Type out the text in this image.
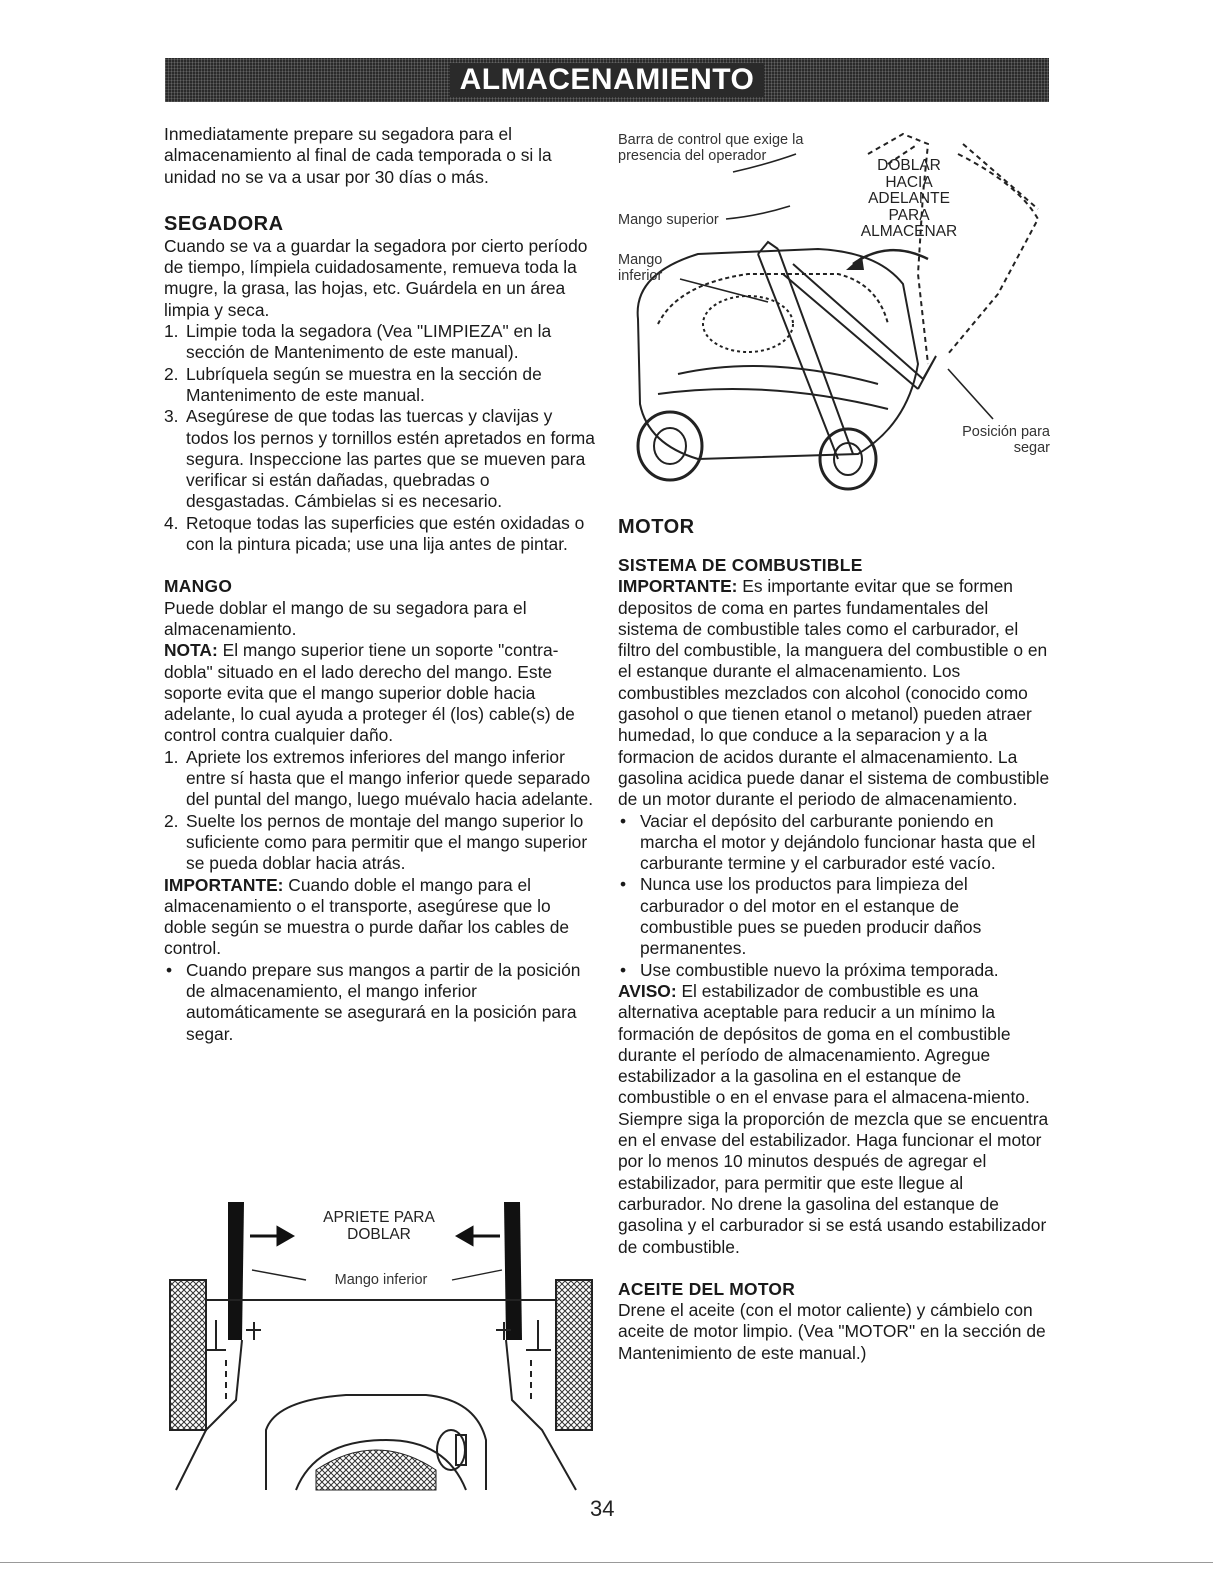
ALMACENAMIENTO

Inmediatamente prepare su segadora para el almacenamiento al final de cada temporada o si la unidad no se va a usar por 30 días o más.

SEGADORA

Cuando se va a guardar la segadora por cierto período de tiempo, límpiela cuidadosamente, remueva toda la mugre, la grasa, las hojas, etc. Guárdela en un área limpia y seca.

1. Limpie toda la segadora (Vea "LIMPIEZA" en la sección de Mantenimento de este manual).
2. Lubríquela según se muestra en la sección de Mantenimento de este manual.
3. Asegúrese de que todas las tuercas y clavijas y todos los pernos y tornillos estén apretados en forma segura. Inspeccione las partes que se mueven para verificar si están dañadas, quebradas o desgastadas. Cámbielas si es necesario.
4. Retoque todas las superficies que estén oxidadas o con la pintura picada; use una lija antes de pintar.

MANGO

Puede doblar el mango de su segadora para el almacenamiento.

NOTA: El mango superior tiene un soporte "contra-dobla" situado en el lado derecho del mango. Este soporte evita que el mango superior doble hacia adelante, lo cual ayuda a proteger él (los) cable(s) de control contra cualquier daño.

1. Apriete los extremos inferiores del mango inferior entre sí hasta que el mango inferior quede separado del puntal del mango, luego muévalo hacia adelante.
2. Suelte los pernos de montaje del mango superior lo suficiente como para permitir que el mango superior se pueda doblar hacia atrás.

IMPORTANTE: Cuando doble el mango para el almacenamiento o el transporte, asegúrese que lo doble según se muestra o purde dañar los cables de control.

• Cuando prepare sus mangos a partir de la posición de almacenamiento, el mango inferior automáticamente se asegurará en la posición para segar.
Barra de control que exige la presencia del operador
Mango superior
Mango inferior
DOBLAR HACIA ADELANTE PARA ALMACENAR
Posición para segar

MOTOR

SISTEMA DE COMBUSTIBLE

IMPORTANTE: Es importante evitar que se formen depositos de coma en partes fundamentales del sistema de combustible tales como el carburador, el filtro del combustible, la manguera del combustible o en el estanque durante el almacenamiento. Los combustibles mezclados con alcohol (conocido como gasohol o que tienen etanol o metanol) pueden atraer humedad, lo que conduce a la separacion y a la formacion de acidos durante el almacenamiento. La gasolina acidica puede danar el sistema de combustible de un motor durante el periodo de almacenamiento.

• Vaciar el depósito del carburante poniendo en marcha el motor y dejándolo funcionar hasta que el carburante termine y el carburador esté vacío.
• Nunca use los productos para limpieza del carburador o del motor en el estanque de combustible pues se pueden producir daños permanentes.
• Use combustible nuevo la próxima temporada.

AVISO: El estabilizador de combustible es una alternativa aceptable para reducir a un mínimo la formación de depósitos de goma en el combustible durante el período de almacenamiento. Agregue estabilizador a la gasolina en el estanque de combustible o en el envase para el almacena-miento. Siempre siga la proporción de mezcla que se encuentra en el envase del estabilizador. Haga funcionar el motor por lo menos 10 minutos después de agregar el estabilizador, para permitir que este llegue al carburador. No drene la gasolina del estanque de gasolina y el carburador si se está usando estabilizador de combustible.

ACEITE DEL MOTOR

Drene el aceite (con el motor caliente) y cámbielo con aceite de motor limpio. (Vea "MOTOR" en la sección de Mantenimiento de este manual.)

APRIETE PARA DOBLAR
Mango inferior
34
